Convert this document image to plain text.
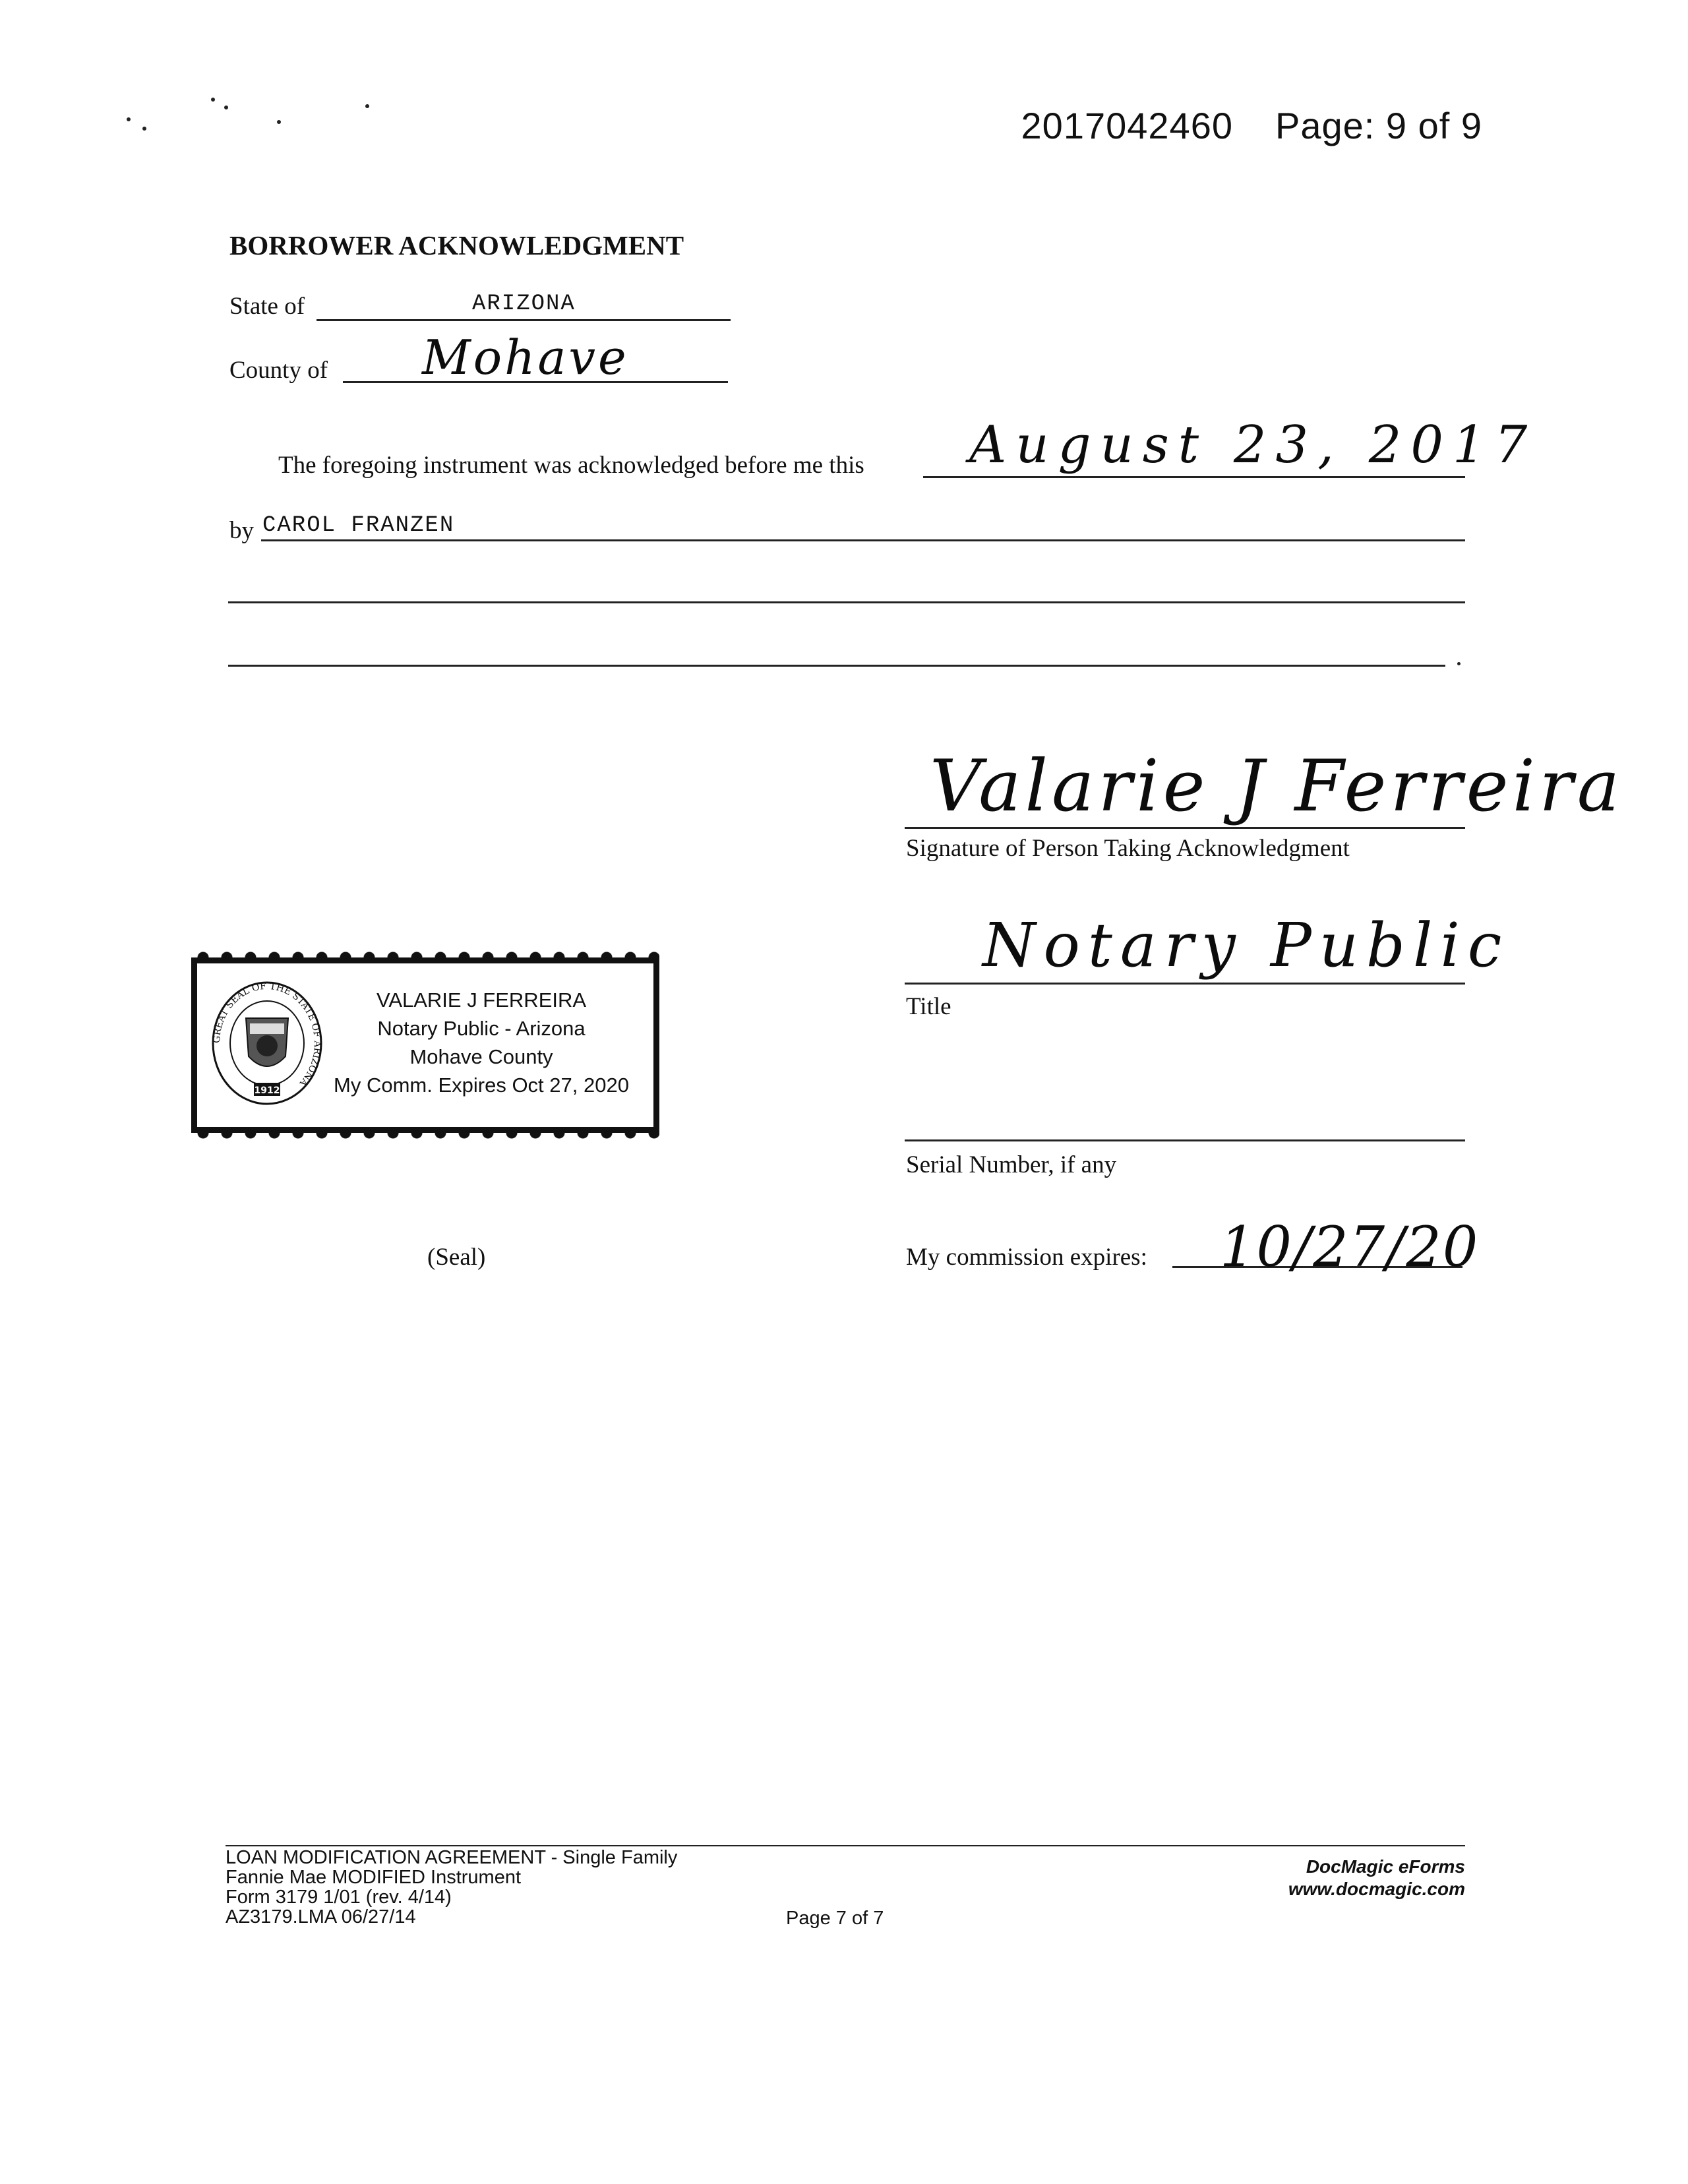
2017042460 Page: 9 of 9
BORROWER ACKNOWLEDGMENT
State of	ARIZONA
County of Mohave
The foregoing instrument was acknowledged before me this August 23, 2017
by CAROL FRANZEN
Valarie J Ferreira
Signature of Person Taking Acknowledgment
Notary Public
Title
Serial Number, if any
My commission expires: 10/27/20
GREAT SEAL OF THE STATE OF ARIZONA
1912
VALARIE J FERREIRA
Notary Public - Arizona
Mohave County
My Comm. Expires Oct 27, 2020
(Seal)
LOAN MODIFICATION AGREEMENT - Single Family
Fannie Mae MODIFIED Instrument
Form 3179 1/01 (rev. 4/14)
AZ3179.LMA 06/27/14	Page 7 of 7
DocMagic eForms
www.docmagic.com
